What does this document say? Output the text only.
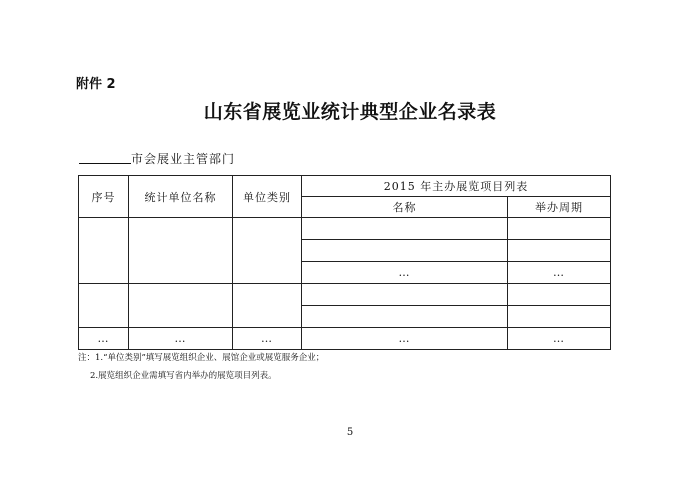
附件 2
山东省展览业统计典型企业名录表
市会展业主管部门
序号	统计单位名称	单位类别	2015 年主办展览项目列表	
			名称	举办周期

			…	…

…	…	…	…	…
注：1.“单位类别”填写展览组织企业、展馆企业或展览服务企业；
2.展览组织企业需填写省内举办的展览项目列表。
5
